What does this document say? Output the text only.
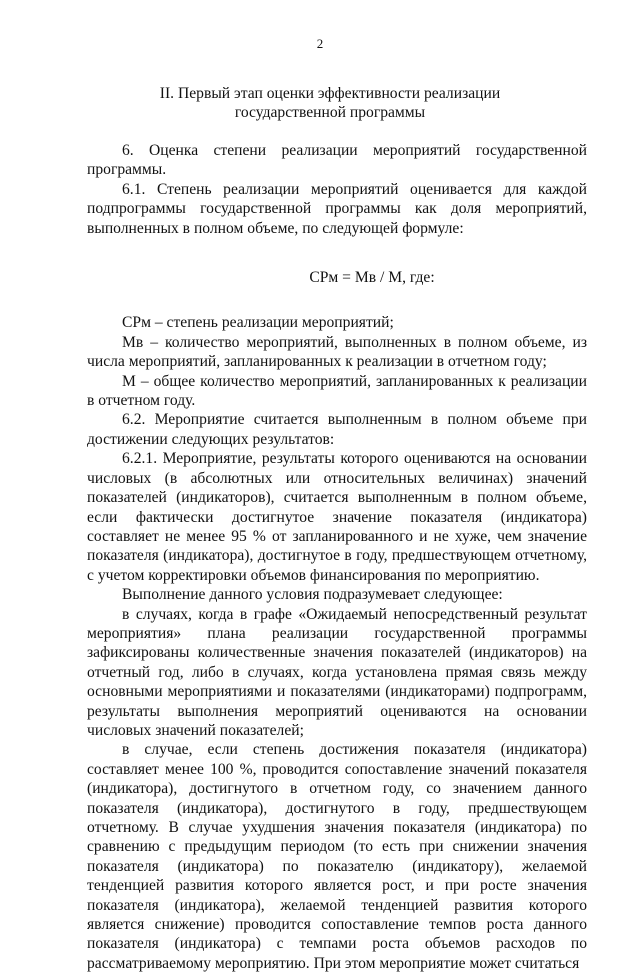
2
II. Первый этап оценки эффективности реализации государственной программы

6. Оценка степени реализации мероприятий государственной программы.

6.1. Степень реализации мероприятий оценивается для каждой подпрограммы государственной программы как доля мероприятий, выполненных в полном объеме, по следующей формуле:

СРм = Мв / М, где:

СРм – степень реализации мероприятий;

Мв – количество мероприятий, выполненных в полном объеме, из числа мероприятий, запланированных к реализации в отчетном году;

М – общее количество мероприятий, запланированных к реализации в отчетном году.

6.2. Мероприятие считается выполненным в полном объеме при достижении следующих результатов:

6.2.1. Мероприятие, результаты которого оцениваются на основании числовых (в абсолютных или относительных величинах) значений показателей (индикаторов), считается выполненным в полном объеме, если фактически достигнутое значение показателя (индикатора) составляет не менее 95 % от запланированного и не хуже, чем значение показателя (индикатора), достигнутое в году, предшествующем отчетному, с учетом корректировки объемов финансирования по мероприятию.

Выполнение данного условия подразумевает следующее:

в случаях, когда в графе «Ожидаемый непосредственный результат мероприятия» плана реализации государственной программы зафиксированы количественные значения показателей (индикаторов) на отчетный год, либо в случаях, когда установлена прямая связь между основными мероприятиями и показателями (индикаторами) подпрограмм, результаты выполнения мероприятий оцениваются на основании числовых значений показателей;

в случае, если степень достижения показателя (индикатора) составляет менее 100 %, проводится сопоставление значений показателя (индикатора), достигнутого в отчетном году, со значением данного показателя (индикатора), достигнутого в году, предшествующем отчетному. В случае ухудшения значения показателя (индикатора) по сравнению с предыдущим периодом (то есть при снижении значения показателя (индикатора) по показателю (индикатору), желаемой тенденцией развития которого является рост, и при росте значения показателя (индикатора), желаемой тенденцией развития которого является снижение) проводится сопоставление темпов роста данного показателя (индикатора) с темпами роста объемов расходов по рассматриваемому мероприятию. При этом мероприятие может считаться
